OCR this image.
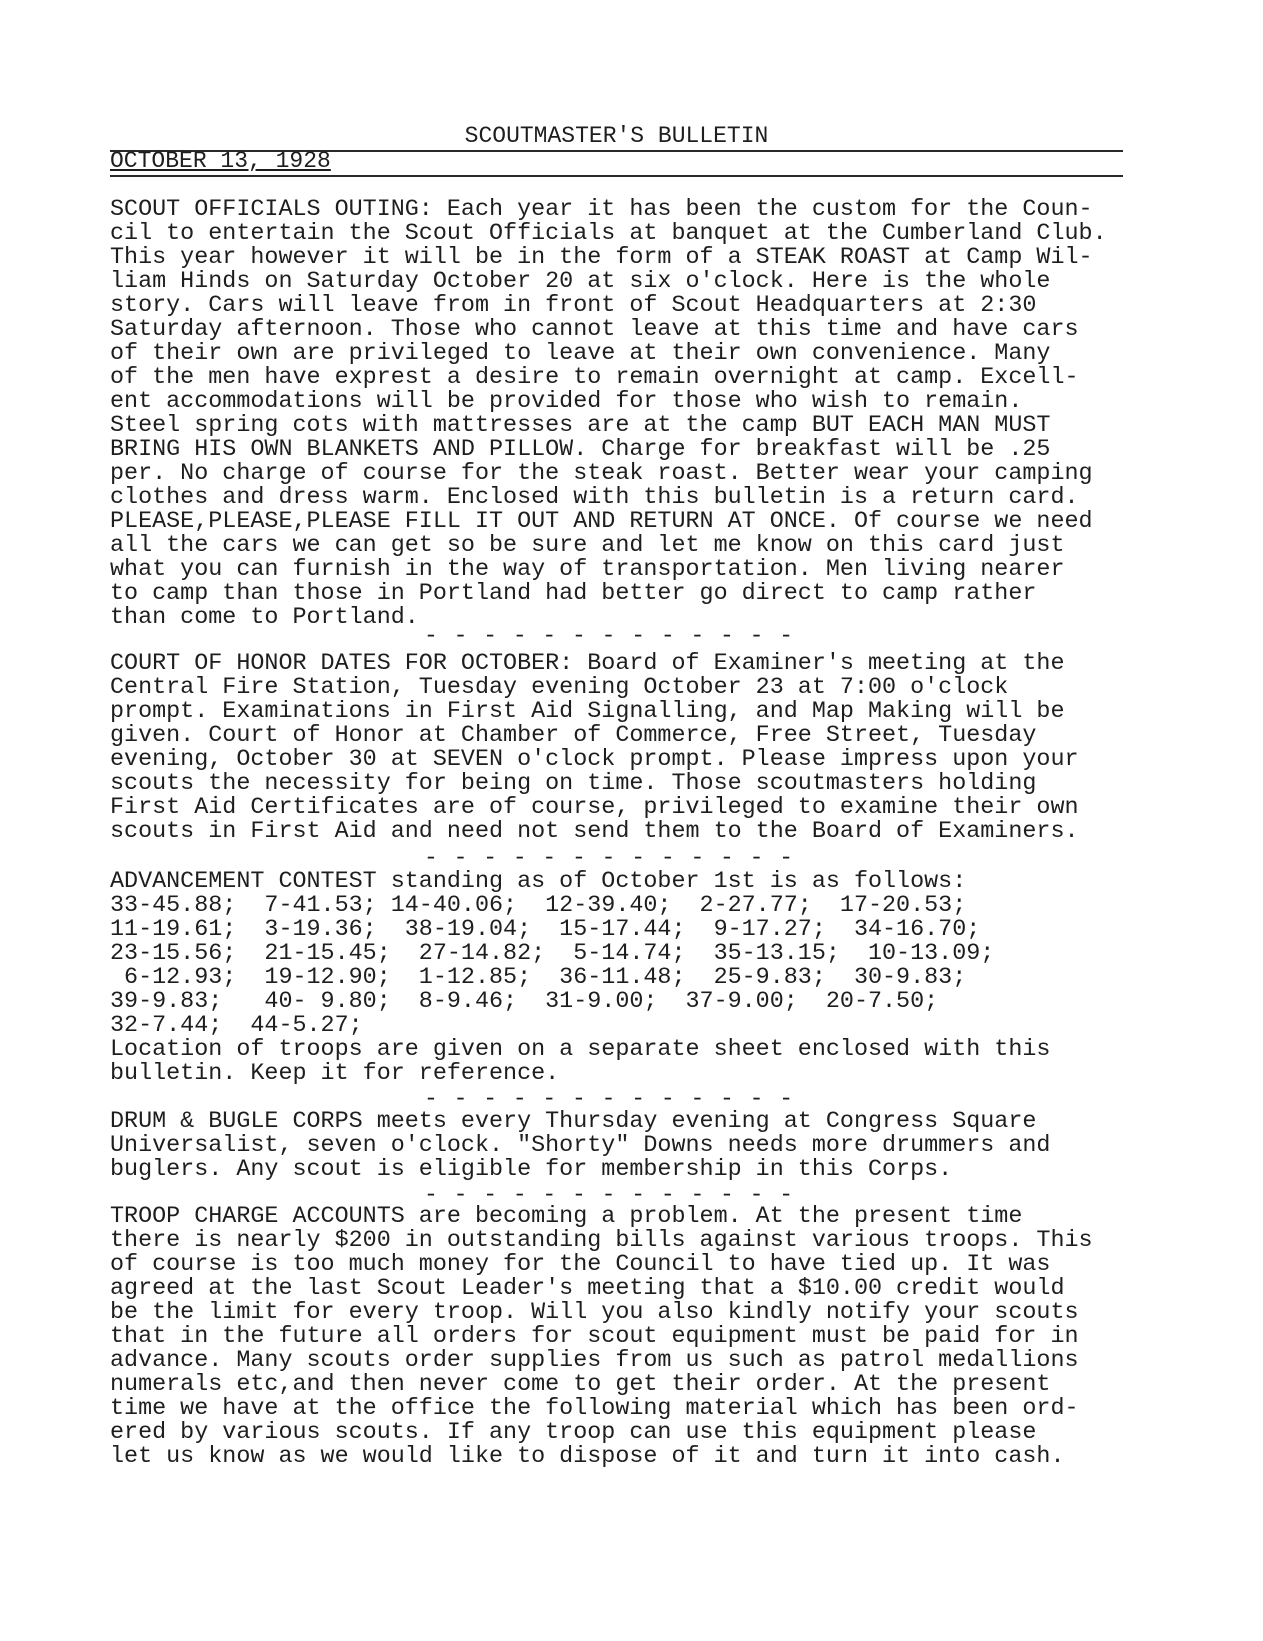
SCOUTMASTER'S BULLETIN
OCTOBER 13, 1928
SCOUT OFFICIALS OUTING: Each year it has been the custom for the Coun-
cil to entertain the Scout Officials at banquet at the Cumberland Club.
This year however it will be in the form of a STEAK ROAST at Camp Wil-
liam Hinds on Saturday October 20 at six o'clock. Here is the whole
story. Cars will leave from in front of Scout Headquarters at 2:30
Saturday afternoon. Those who cannot leave at this time and have cars
of their own are privileged to leave at their own convenience. Many
of the men have exprest a desire to remain overnight at camp. Excell-
ent accommodations will be provided for those who wish to remain.
Steel spring cots with mattresses are at the camp BUT EACH MAN MUST
BRING HIS OWN BLANKETS AND PILLOW. Charge for breakfast will be .25
per. No charge of course for the steak roast. Better wear your camping
clothes and dress warm. Enclosed with this bulletin is a return card.
PLEASE,PLEASE,PLEASE FILL IT OUT AND RETURN AT ONCE. Of course we need
all the cars we can get so be sure and let me know on this card just
what you can furnish in the way of transportation. Men living nearer
to camp than those in Portland had better go direct to camp rather
than come to Portland.
- - - - - - - - - - - - -
COURT OF HONOR DATES FOR OCTOBER: Board of Examiner's meeting at the
Central Fire Station, Tuesday evening October 23 at 7:00 o'clock
prompt. Examinations in First Aid Signalling, and Map Making will be
given. Court of Honor at Chamber of Commerce, Free Street, Tuesday
evening, October 30 at SEVEN o'clock prompt. Please impress upon your
scouts the necessity for being on time. Those scoutmasters holding
First Aid Certificates are of course, privileged to examine their own
scouts in First Aid and need not send them to the Board of Examiners.
- - - - - - - - - - - - -
ADVANCEMENT CONTEST standing as of October 1st is as follows:
33-45.88;  7-41.53; 14-40.06;  12-39.40;  2-27.77;  17-20.53;
11-19.61;  3-19.36;  38-19.04;  15-17.44;  9-17.27;  34-16.70;
23-15.56;  21-15.45;  27-14.82;  5-14.74;  35-13.15;  10-13.09;
6-12.93;  19-12.90;  1-12.85;  36-11.48;  25-9.83;  30-9.83;
39-9.83;   40- 9.80;  8-9.46;  31-9.00;  37-9.00;  20-7.50;
32-7.44;  44-5.27;
Location of troops are given on a separate sheet enclosed with this
bulletin. Keep it for reference.
- - - - - - - - - - - - -
DRUM & BUGLE CORPS meets every Thursday evening at Congress Square
Universalist, seven o'clock. "Shorty" Downs needs more drummers and
buglers. Any scout is eligible for membership in this Corps.
- - - - - - - - - - - - -
TROOP CHARGE ACCOUNTS are becoming a problem. At the present time
there is nearly $200 in outstanding bills against various troops. This
of course is too much money for the Council to have tied up. It was
agreed at the last Scout Leader's meeting that a $10.00 credit would
be the limit for every troop. Will you also kindly notify your scouts
that in the future all orders for scout equipment must be paid for in
advance. Many scouts order supplies from us such as patrol medallions
numerals etc,and then never come to get their order. At the present
time we have at the office the following material which has been ord-
ered by various scouts. If any troop can use this equipment please
let us know as we would like to dispose of it and turn it into cash.
